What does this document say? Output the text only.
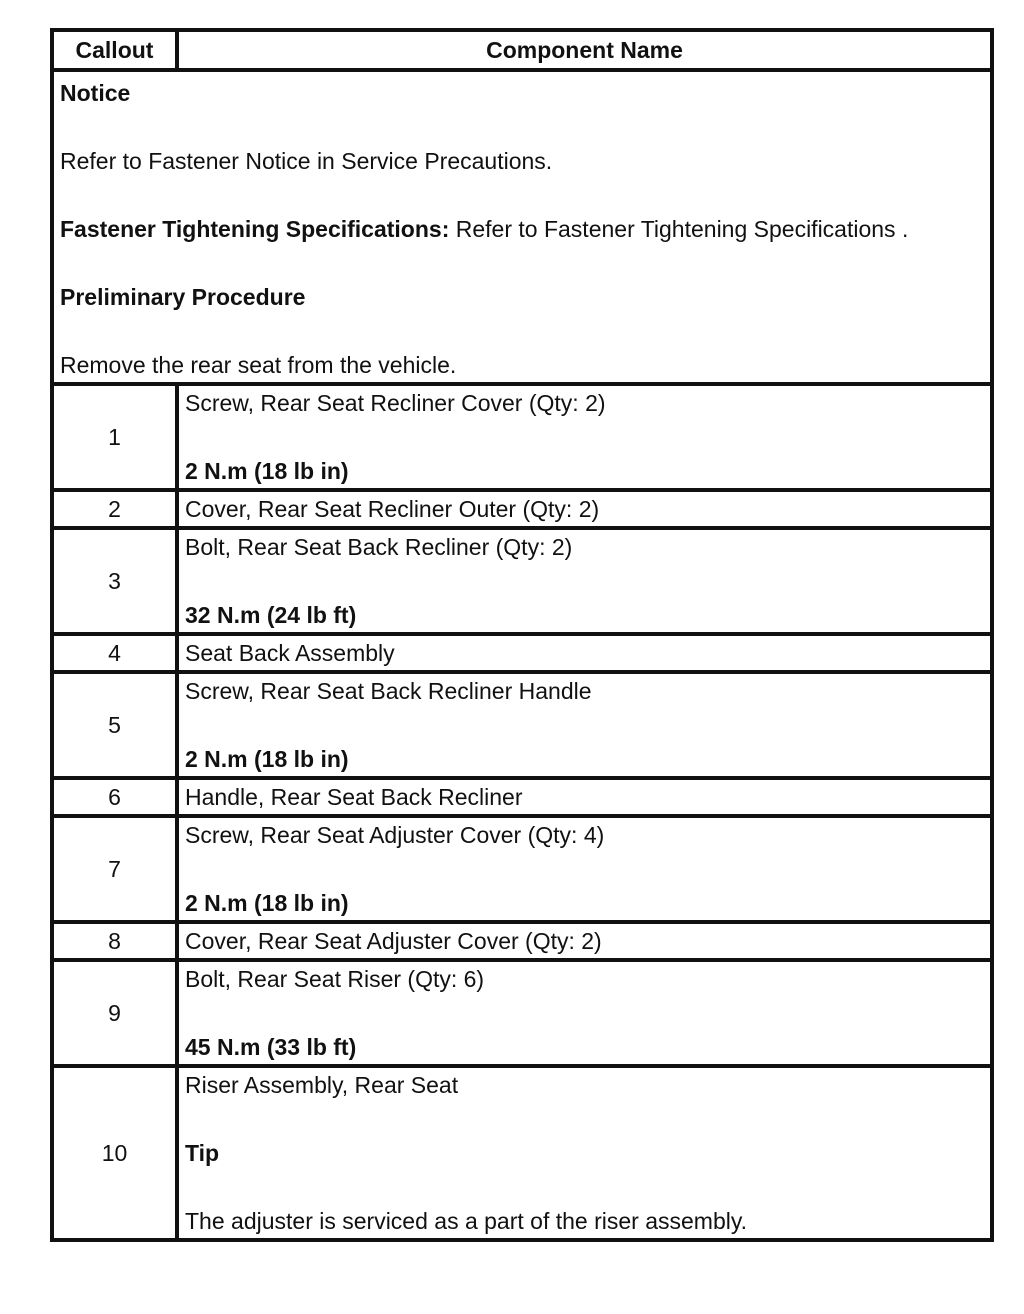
Callout	Component Name

Notice
Refer to Fastener Notice in Service Precautions.
Fastener Tightening Specifications: Refer to Fastener Tightening Specifications .
Preliminary Procedure
Remove the rear seat from the vehicle.	

1	Screw, Rear Seat Recliner Cover (Qty: 2)
2 N.m (18 lb in)

2	Cover, Rear Seat Recliner Outer (Qty: 2)

3	Bolt, Rear Seat Back Recliner (Qty: 2)
32 N.m (24 lb ft)

4	Seat Back Assembly

5	Screw, Rear Seat Back Recliner Handle
2 N.m (18 lb in)

6	Handle, Rear Seat Back Recliner

7	Screw, Rear Seat Adjuster Cover (Qty: 4)
2 N.m (18 lb in)

8	Cover, Rear Seat Adjuster Cover (Qty: 2)

9	Bolt, Rear Seat Riser (Qty: 6)
45 N.m (33 lb ft)

10	Riser Assembly, Rear Seat
Tip
The adjuster is serviced as a part of the riser assembly.
